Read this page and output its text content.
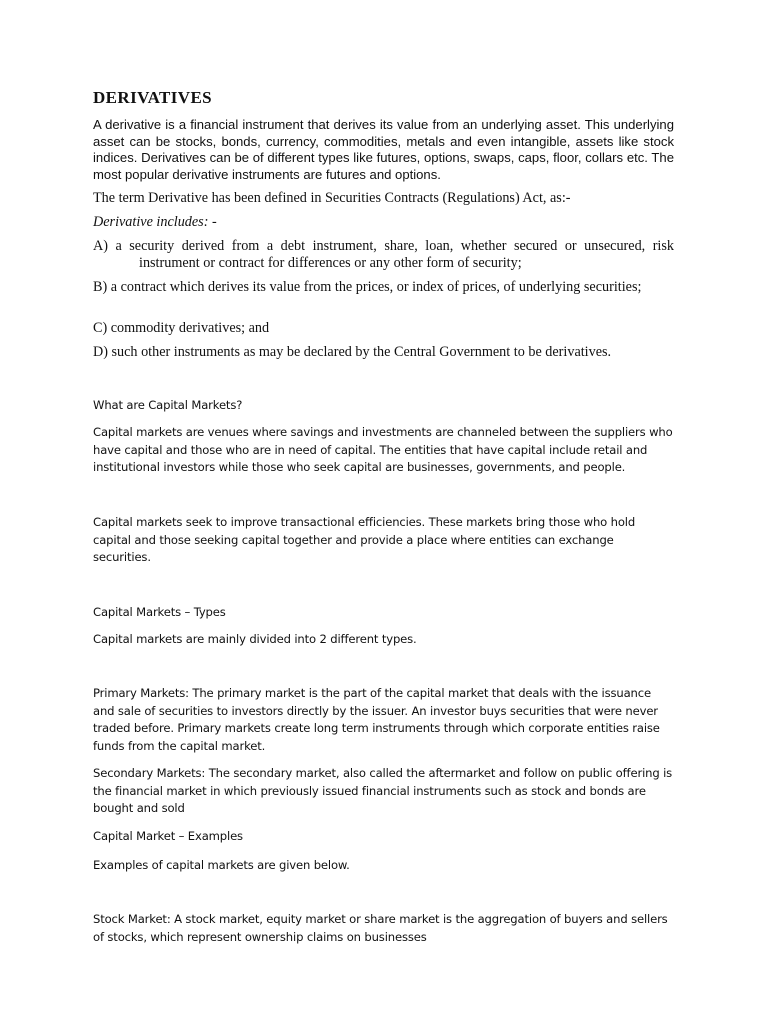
DERIVATIVES

A derivative is a financial instrument that derives its value from an underlying asset. This underlying asset can be stocks, bonds, currency, commodities, metals and even intangible, assets like stock indices. Derivatives can be of different types like futures, options, swaps, caps, floor, collars etc. The most popular derivative instruments are futures and options.

The term Derivative has been defined in Securities Contracts (Regulations) Act, as:-

Derivative includes: -

A) a security derived from a debt instrument, share, loan, whether secured or unsecured, risk instrument or contract for differences or any other form of security;

B) a contract which derives its value from the prices, or index of prices, of underlying securities;

C) commodity derivatives; and

D) such other instruments as may be declared by the Central Government to be derivatives.

What are Capital Markets?

Capital markets are venues where savings and investments are channeled between the suppliers who have capital and those who are in need of capital. The entities that have capital include retail and institutional investors while those who seek capital are businesses, governments, and people.

Capital markets seek to improve transactional efficiencies. These markets bring those who hold capital and those seeking capital together and provide a place where entities can exchange securities.

Capital Markets – Types

Capital markets are mainly divided into 2 different types.

Primary Markets: The primary market is the part of the capital market that deals with the issuance and sale of securities to investors directly by the issuer. An investor buys securities that were never traded before. Primary markets create long term instruments through which corporate entities raise funds from the capital market.

Secondary Markets: The secondary market, also called the aftermarket and follow on public offering is the financial market in which previously issued financial instruments such as stock and bonds are bought and sold

Capital Market – Examples

Examples of capital markets are given below.

Stock Market: A stock market, equity market or share market is the aggregation of buyers and sellers of stocks, which represent ownership claims on businesses
